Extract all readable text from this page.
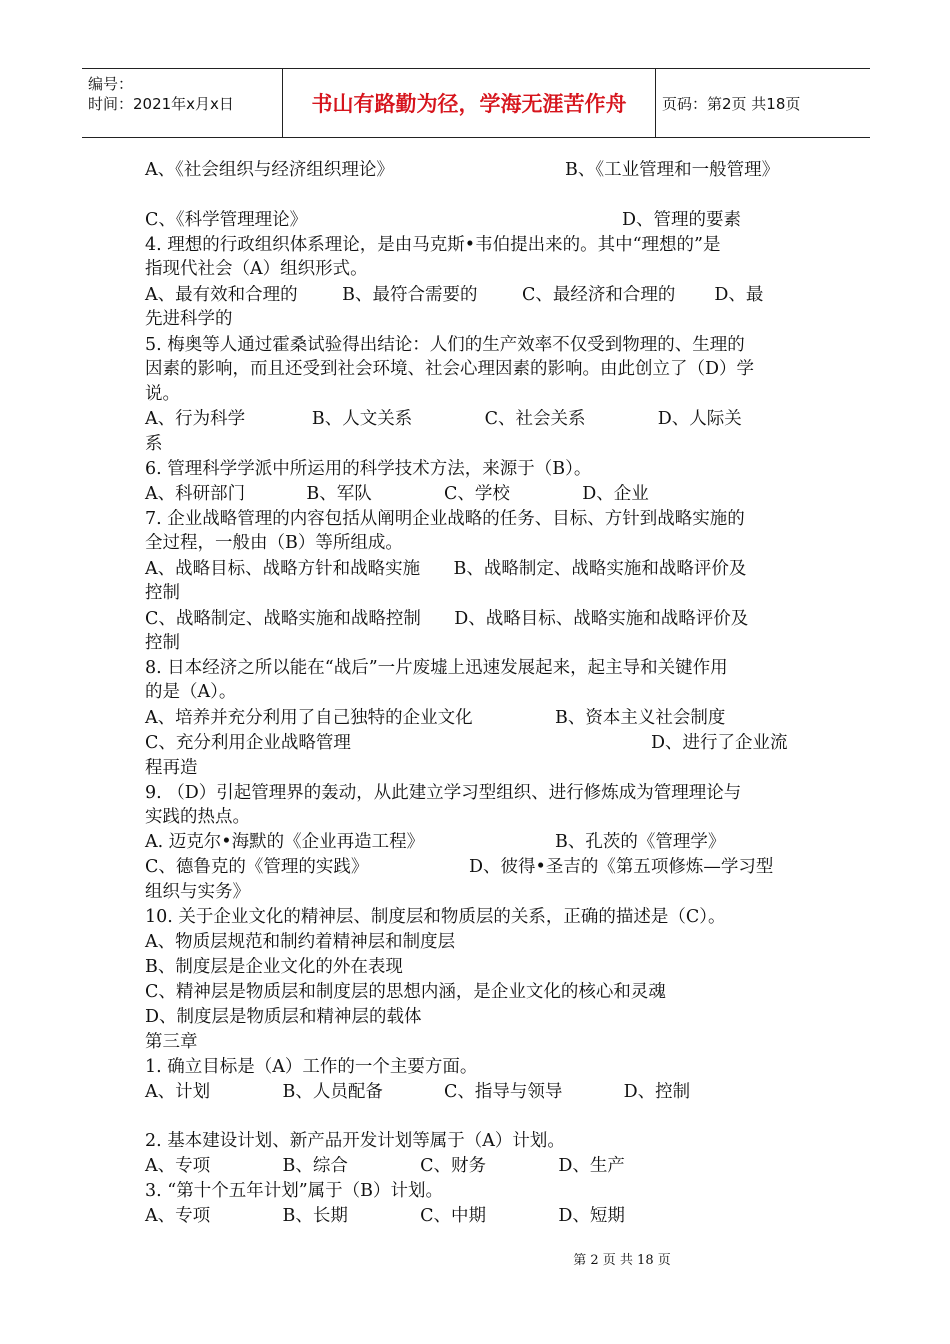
编号：
时间：2021年x月x日	书山有路勤为径，学海无涯苦作舟	页码：第2页 共18页
A、《社会组织与经济组织理论》	B、《工业管理和一般管理》
C、《科学管理理论》	D、管理的要素
4. 理想的行政组织体系理论，是由马克斯•韦伯提出来的。其中“理想的”是
指现代社会（A）组织形式。
A、最有效和合理的        B、最符合需要的        C、最经济和合理的       D、最
先进科学的
5. 梅奥等人通过霍桑试验得出结论：人们的生产效率不仅受到物理的、生理的
因素的影响，而且还受到社会环境、社会心理因素的影响。由此创立了（D）学
说。
A、行为科学            B、人文关系             C、社会关系             D、人际关
系
6. 管理科学学派中所运用的科学技术方法，来源于（B）。
A、科研部门           B、军队             C、学校             D、企业
7. 企业战略管理的内容包括从阐明企业战略的任务、目标、方针到战略实施的
全过程，一般由（B）等所组成。
A、战略目标、战略方针和战略实施      B、战略制定、战略实施和战略评价及
控制
C、战略制定、战略实施和战略控制      D、战略目标、战略实施和战略评价及
控制
8. 日本经济之所以能在“战后”一片废墟上迅速发展起来，起主导和关键作用
的是（A）。
A、培养并充分利用了自己独特的企业文化	B、资本主义社会制度
C、充分利用企业战略管理	D、进行了企业流
程再造
9. （D）引起管理界的轰动，从此建立学习型组织、进行修炼成为管理理论与
实践的热点。
A. 迈克尔•海默的《企业再造工程》	B、孔茨的《管理学》
C、德鲁克的《管理的实践》	D、彼得•圣吉的《第五项修炼—学习型
组织与实务》
10. 关于企业文化的精神层、制度层和物质层的关系，正确的描述是（C）。
A、物质层规范和制约着精神层和制度层
B、制度层是企业文化的外在表现
C、精神层是物质层和制度层的思想内涵，是企业文化的核心和灵魂
D、制度层是物质层和精神层的载体
第三章
1. 确立目标是（A）工作的一个主要方面。
A、计划             B、人员配备           C、指导与领导           D、控制
2. 基本建设计划、新产品开发计划等属于（A）计划。
A、专项             B、综合             C、财务             D、生产
3. “第十个五年计划”属于（B）计划。
A、专项             B、长期             C、中期             D、短期
第 2 页 共 18 页
